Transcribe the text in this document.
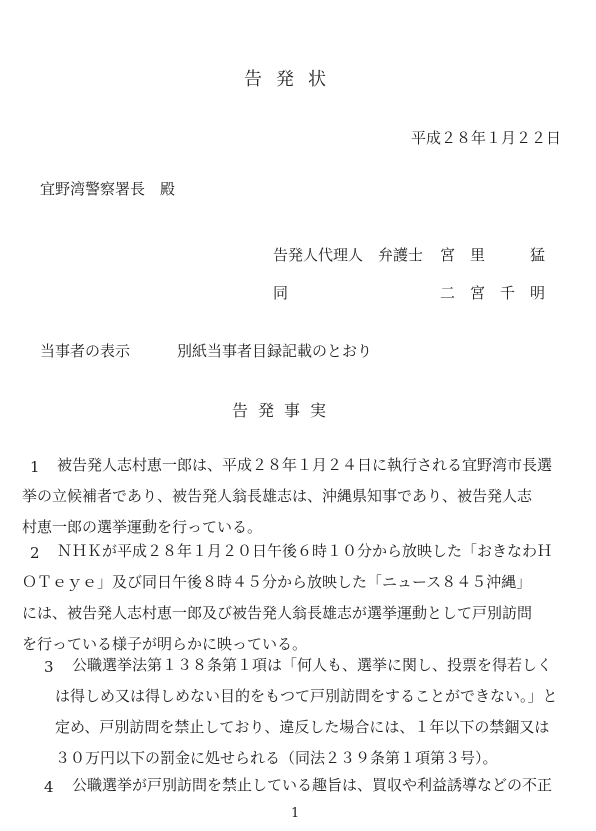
告発状
平成２８年１月２２日
宜野湾警察署長　殿
告発人代理人 弁護士 宮　里　　　猛
同	二　宮　千　明
当事者の表示	別紙当事者目録記載のとおり
告発事実
1 被告発人志村恵一郎は、平成２８年１月２４日に執行される宜野湾市長選
挙の立候補者であり、被告発人翁長雄志は、沖縄県知事であり、被告発人志
村恵一郎の選挙運動を行っている。
2 ＮＨＫが平成２８年１月２０日午後６時１０分から放映した「おきなわＨ
ＯＴｅｙｅ」及び同日午後８時４５分から放映した「ニュース８４５沖縄」
には、被告発人志村恵一郎及び被告発人翁長雄志が選挙運動として戸別訪問
を行っている様子が明らかに映っている。
3 公職選挙法第１３８条第１項は「何人も、選挙に関し、投票を得若しく
は得しめ又は得しめない目的をもつて戸別訪問をすることができない。」と
定め、戸別訪問を禁止しており、違反した場合には、１年以下の禁錮又は
３０万円以下の罰金に処せられる（同法２３９条第１項第３号）。
4 公職選挙が戸別訪問を禁止している趣旨は、買収や利益誘導などの不正
1
